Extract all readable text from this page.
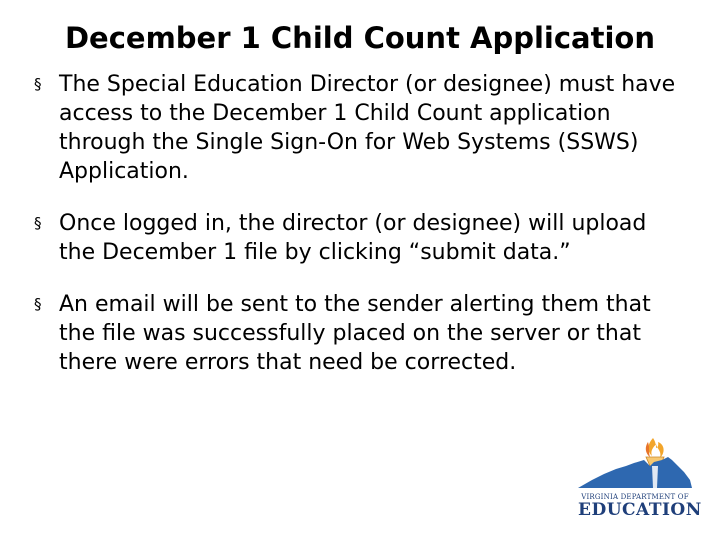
December 1 Child Count Application
§ The Special Education Director (or designee) must have access to the December 1 Child Count application through the Single Sign-On for Web Systems (SSWS) Application.
§ Once logged in, the director (or designee) will upload the December 1 file by clicking “submit data.”
§ An email will be sent to the sender alerting them that the file was successfully placed on the server or that there were errors that need be corrected.
VIRGINIA DEPARTMENT OF
EDUCATION
